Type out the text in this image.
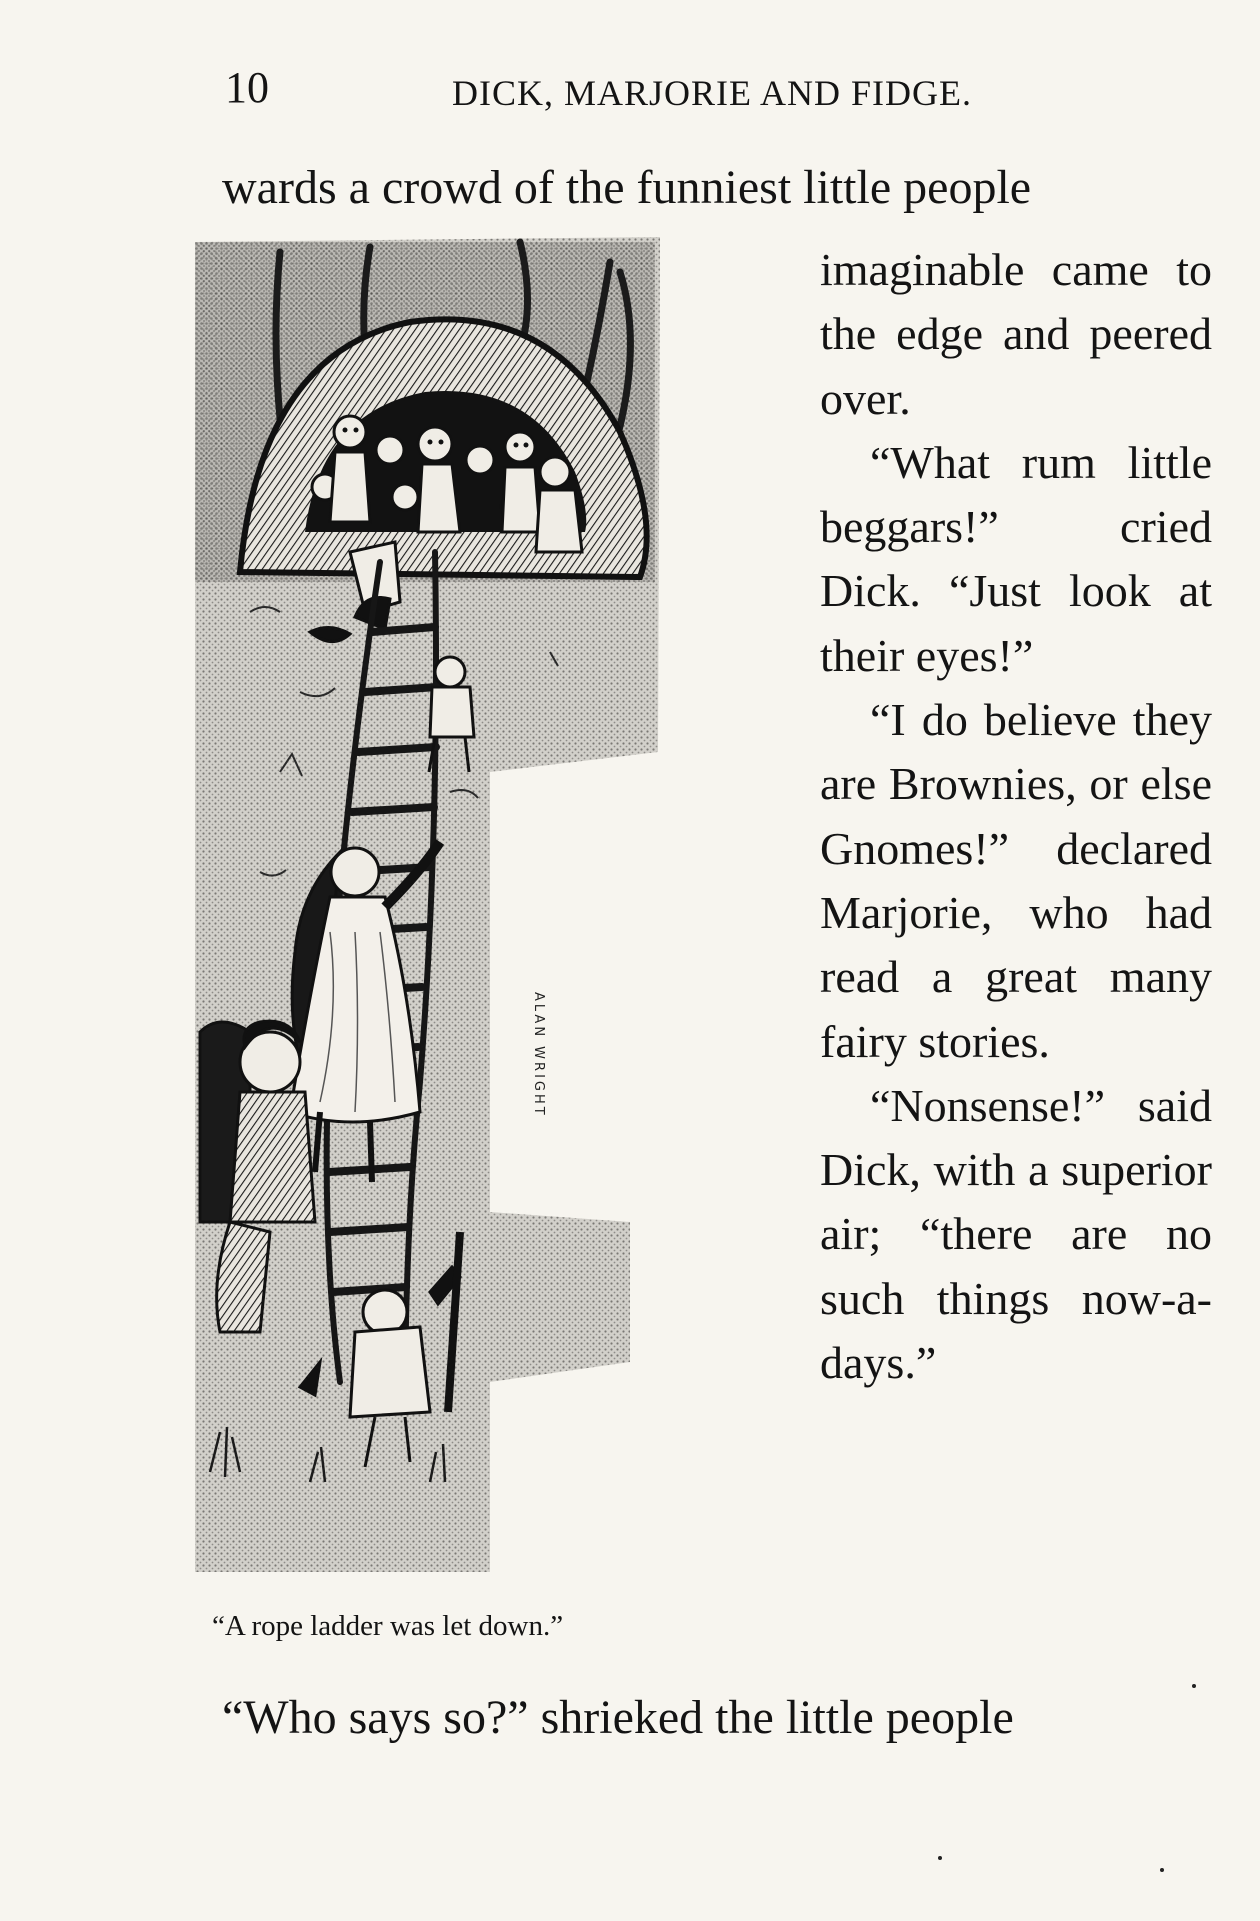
10	DICK, MARJORIE AND FIDGE.
wards a crowd of the funniest little people
ALAN WRIGHT
“A rope ladder was let down.”

imaginable came to the edge and peered over.

“What rum little beggars!” cried Dick. “Just look at their eyes!”

“I do believe they are Brownies, or else Gnomes!” declared Marjorie, who had read a great many fairy stories.

“Nonsense!” said Dick, with a superior air; “there are no such things now-a-days.”

“Who says so?” shrieked the little people
